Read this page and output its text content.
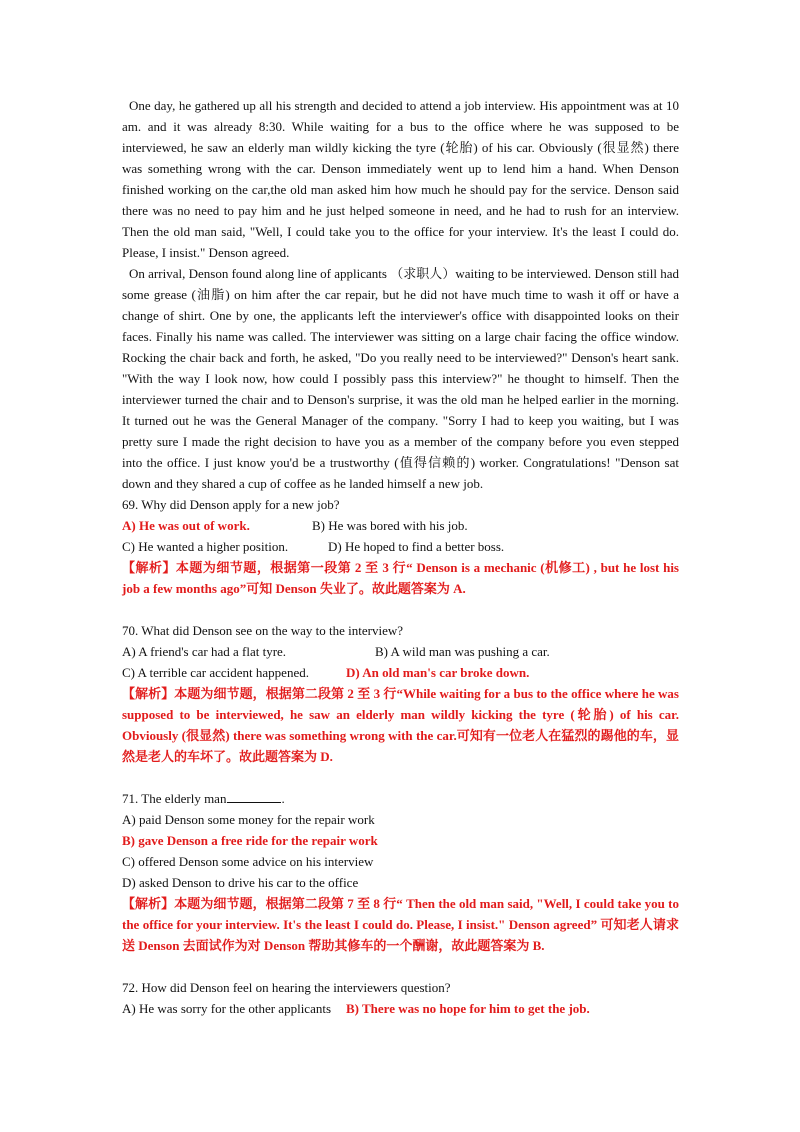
One day, he gathered up all his strength and decided to attend a job interview. His appointment was at 10 am. and it was already 8:30. While waiting for a bus to the office where he was supposed to be interviewed, he saw an elderly man wildly kicking the tyre (轮胎) of his car. Obviously (很显然) there was something wrong with the car. Denson immediately went up to lend him a hand. When Denson finished working on the car,the old man asked him how much he should pay for the service. Denson said there was no need to pay him and he just helped someone in need, and he had to rush for an interview. Then the old man said, "Well, I could take you to the office for your interview. It's the least I could do. Please, I insist." Denson agreed.

On arrival, Denson found along line of applicants （求职人）waiting to be interviewed. Denson still had some grease (油脂) on him after the car repair, but he did not have much time to wash it off or have a change of shirt. One by one, the applicants left the interviewer's office with disappointed looks on their faces. Finally his name was called. The interviewer was sitting on a large chair facing the office window. Rocking the chair back and forth, he asked, "Do you really need to be interviewed?" Denson's heart sank. "With the way I look now, how could I possibly pass this interview?" he thought to himself. Then the interviewer turned the chair and to Denson's surprise, it was the old man he helped earlier in the morning. It turned out he was the General Manager of the company. "Sorry I had to keep you waiting, but I was pretty sure I made the right decision to have you as a member of the company before you even stepped into the office. I just know you'd be a trustworthy (值得信赖的) worker. Congratulations! "Denson sat down and they shared a cup of coffee as he landed himself a new job.

69. Why did Denson apply for a new job?

A) He was out of work.	B) He was bored with his job.
C) He wanted a higher position.	D) He hoped to find a better boss.

【解析】本题为细节题，根据第一段第 2 至 3 行“ Denson is a mechanic (机修工) , but he lost his job a few months ago”可知 Denson 失业了。故此题答案为 A.

70. What did Denson see on the way to the interview?

A) A friend's car had a flat tyre.	B) A wild man was pushing a car.
C) A terrible car accident happened.	D) An old man's car broke down.

【解析】本题为细节题，根据第二段第 2 至 3 行“While waiting for a bus to the office where he was supposed to be interviewed, he saw an elderly man wildly kicking the tyre (轮胎) of his car. Obviously (很显然) there was something wrong with the car.可知有一位老人在猛烈的踢他的车，显然是老人的车坏了。故此题答案为 D.

71. The elderly man	.

A) paid Denson some money for the repair work

B) gave Denson a free ride for the repair work

C) offered Denson some advice on his interview

D) asked Denson to drive his car to the office

【解析】本题为细节题，根据第二段第 7 至 8 行“ Then the old man said, "Well, I could take you to the office for your interview. It's the least I could do. Please, I insist." Denson agreed” 可知老人请求送 Denson 去面试作为对 Denson 帮助其修车的一个酬谢，故此题答案为 B.

72. How did Denson feel on hearing the interviewers question?

A) He was sorry for the other applicants	B) There was no hope for him to get the job.
